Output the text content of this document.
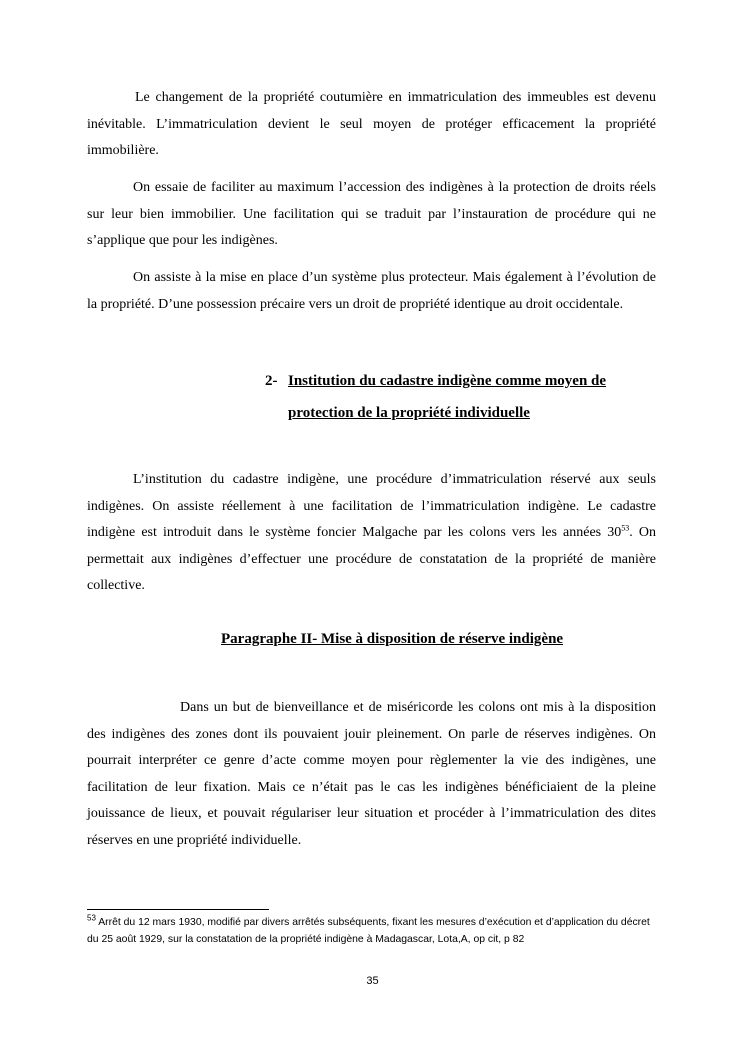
Le changement de la propriété coutumière en immatriculation des immeubles est devenu inévitable. L’immatriculation devient le seul moyen de protéger efficacement la propriété immobilière.

On essaie de faciliter au maximum l’accession des indigènes à la protection de droits réels sur leur bien immobilier. Une facilitation qui se traduit par l’instauration de procédure qui ne s’applique que pour les indigènes.

On assiste à la mise en place d’un système plus protecteur. Mais également à l’évolution de la propriété. D’une possession précaire vers un droit de propriété identique au droit occidentale.

2- Institution du cadastre indigène comme moyen de
protection de la propriété individuelle

L’institution du cadastre indigène, une procédure d’immatriculation réservé aux seuls indigènes. On assiste réellement à une facilitation de l’immatriculation indigène. Le cadastre indigène est introduit dans le système foncier Malgache par les colons vers les années $30^{53}$. On permettait aux indigènes d’effectuer une procédure de constatation de la propriété de manière collective.

Paragraphe II- Mise à disposition de réserve indigène

Dans un but de bienveillance et de miséricorde les colons ont mis à la disposition des indigènes des zones dont ils pouvaient jouir pleinement. On parle de réserves indigènes. On pourrait interpréter ce genre d’acte comme moyen pour règlementer la vie des indigènes, une facilitation de leur fixation. Mais ce n’était pas le cas les indigènes bénéficiaient de la pleine jouissance de lieux, et pouvait régulariser leur situation et procéder à l’immatriculation des dites réserves en une propriété individuelle.

$^{53}$ Arrêt du 12 mars 1930, modifié par divers arrêtés subséquents, fixant les mesures d’exécution et d’application du décret du 25 août 1929, sur la constatation de la propriété indigène à Madagascar, Lota,A, op cit, p 82

35
